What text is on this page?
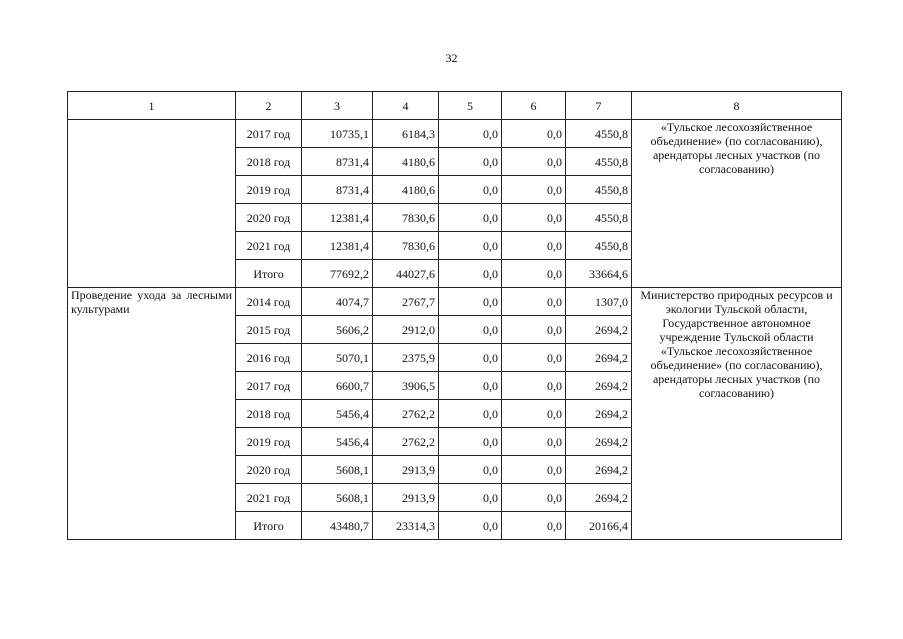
32
1	2	3	4	5	6	7	8
	2017 год	10735,1	6184,3	0,0	0,0	4550,8	«Тульское лесохозяйственное объединение» (по согласованию), арендаторы лесных участков (по согласованию)
	2018 год	8731,4	4180,6	0,0	0,0	4550,8	
	2019 год	8731,4	4180,6	0,0	0,0	4550,8	
	2020 год	12381,4	7830,6	0,0	0,0	4550,8	
	2021 год	12381,4	7830,6	0,0	0,0	4550,8	
	Итого	77692,2	44027,6	0,0	0,0	33664,6	
Проведение ухода за лесными культурами	2014 год	4074,7	2767,7	0,0	0,0	1307,0	Министерство природных ресурсов и экологии Тульской области, Государственное автономное учреждение Тульской области «Тульское лесохозяйственное объединение» (по согласованию), арендаторы лесных участков (по согласованию)
	2015 год	5606,2	2912,0	0,0	0,0	2694,2	
	2016 год	5070,1	2375,9	0,0	0,0	2694,2	
	2017 год	6600,7	3906,5	0,0	0,0	2694,2	
	2018 год	5456,4	2762,2	0,0	0,0	2694,2	
	2019 год	5456,4	2762,2	0,0	0,0	2694,2	
	2020 год	5608,1	2913,9	0,0	0,0	2694,2	
	2021 год	5608,1	2913,9	0,0	0,0	2694,2	
	Итого	43480,7	23314,3	0,0	0,0	20166,4	
